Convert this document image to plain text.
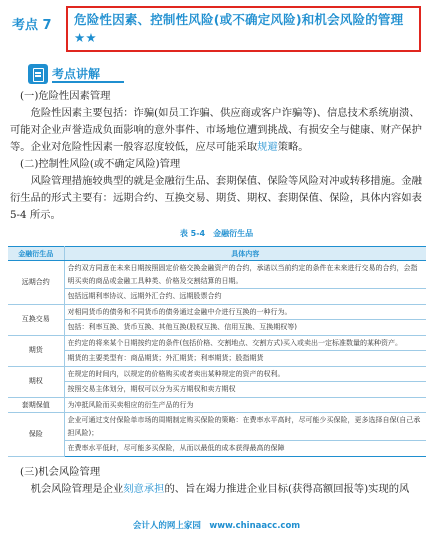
考点 7 危险性因素、控制性风险(或不确定风险)和机会风险的管理★★
考点讲解

(一)危险性因素管理

危险性因素主要包括：诈骗(如员工诈骗、供应商或客户诈骗等)、信息技术系统崩溃、可能对企业声誉造成负面影响的意外事件、市场地位遭到挑战、有损安全与健康、财产保护等。企业对危险性因素一般容忍度较低，应尽可能采取规避策略。

(二)控制性风险(或不确定风险)管理

风险管理措施较典型的就是金融衍生品、套期保值、保险等风险对冲或转移措施。金融衍生品的形式主要有：远期合约、互换交易、期货、期权、套期保值、保险，具体内容如表 5-4 所示。

表 5-4　金融衍生品
金融衍生品	具体内容
远期合约	合约双方同意在未来日期按照固定价格交换金融资产的合约，承诺以当前约定的条件在未来进行交易的合约，会指明买卖的商品或金融工具种类、价格及交割结算的日期。
	包括远期利率协议、远期外汇合约、远期股票合约
互换交易	对相同货币的债务和不同货币的债务通过金融中介进行互换的一种行为。
	包括：利率互换、货币互换、其他互换(股权互换、信用互换、互换期权等)
期货	在约定的将来某个日期按约定的条件(包括价格、交割地点、交割方式)买入或卖出一定标准数量的某种资产。
	期货的主要类型有：商品期货；外汇期货；利率期货；股指期货
期权	在规定的时间内，以规定的价格购买或者卖出某种规定的资产的权利。
	按照交易主体划分，期权可以分为买方期权和卖方期权
套期保值	为冲抵风险而买卖相应的衍生产品的行为
保险	企业可通过支付保险单市场的周期制定购买保险的策略：在费率水平高时，尽可能少买保险，更多选择自保(自己承担风险)；
	在费率水平低时，尽可能多买保险，从而以最低的成本获得最高的保障

(三)机会风险管理

机会风险管理是企业刻意承担的、旨在竭力推进企业目标(获得高额回报等)实现的风

会计人的网上家园　www.chinaacc.com
